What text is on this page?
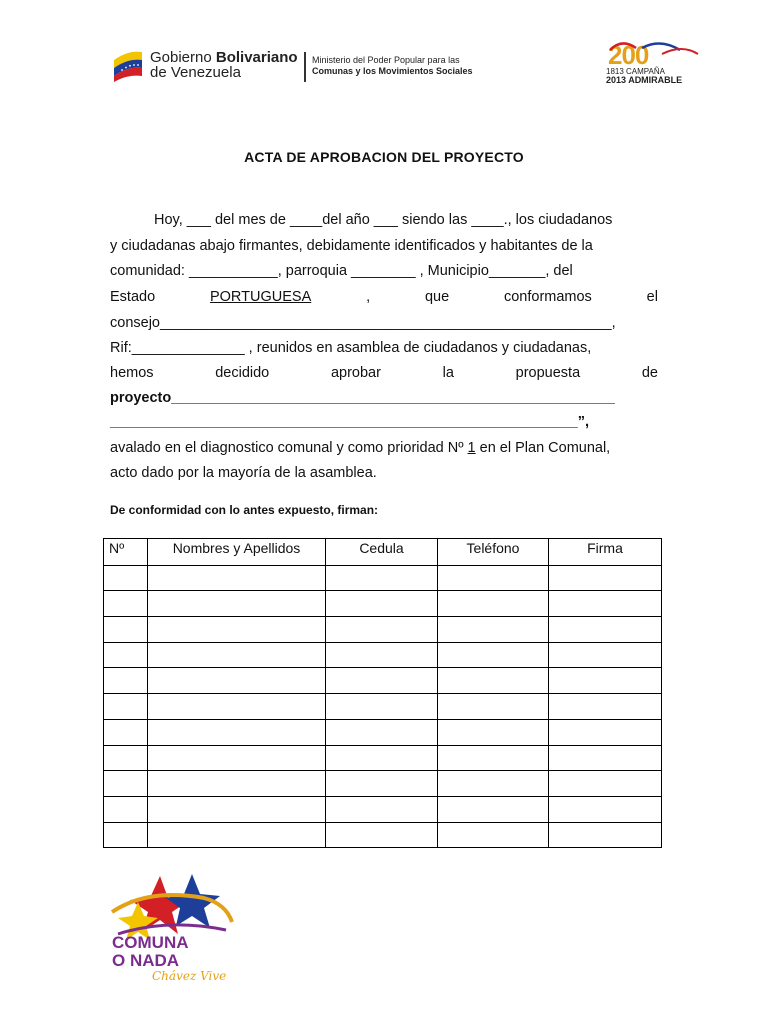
Gobierno Bolivariano
de Venezuela
Ministerio del Poder Popular para las
Comunas y los Movimientos Sociales
200
1813 CAMPAÑA
2013 ADMIRABLE
ACTA DE APROBACION DEL PROYECTO
Hoy, ___ del mes de ____del año ___ siendo las ____., los ciudadanos
y ciudadanas abajo firmantes, debidamente identificados y habitantes de la
comunidad: ___________, parroquia ________ , Municipio_______, del
Estado	PORTUGUESA	,	que	conformamos	el
consejo________________________________________________________,
Rif:______________ , reunidos en asamblea de ciudadanos y ciudadanas,
hemos	decidido	aprobar	la	propuesta	de
proyecto_______________________________________________________
__________________________________________________________”,
avalado en el diagnostico comunal y como prioridad Nº 1 en el Plan Comunal,
acto dado por la mayoría de la asamblea.
De conformidad con lo antes expuesto, firman:
Nº	Nombres y Apellidos	Cedula	Teléfono	Firma

COMUNA
O NADA
Chávez Vive
